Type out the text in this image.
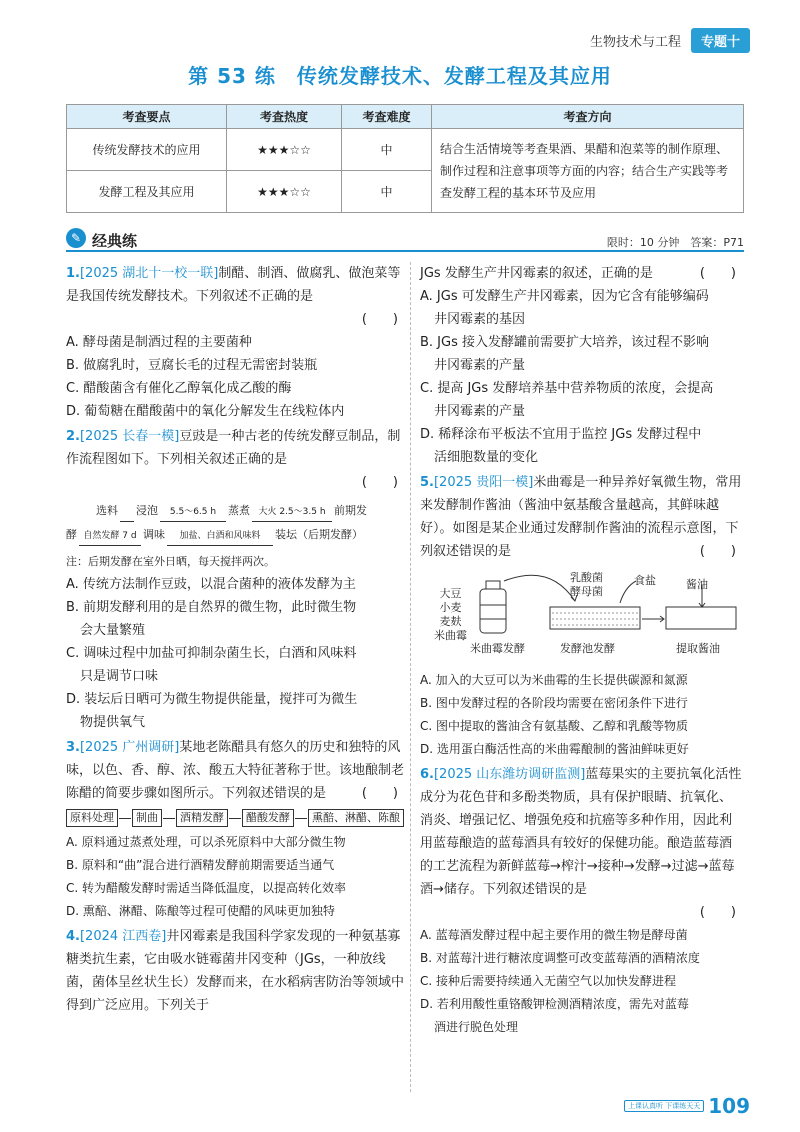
生物技术与工程	专题十
第 53 练　传统发酵技术、发酵工程及其应用
考查要点	考查热度	考查难度	考查方向
传统发酵技术的应用	★★★☆☆	中	结合生活情境等考查果酒、果醋和泡菜等的制作原理、制作过程和注意事项等方面的内容；结合生产实践等考查发酵工程的基本环节及应用
发酵工程及其应用	★★★☆☆	中	
✎ 经典练	限时：10 分钟　答案：P71
1.[2025 湖北十一校一联]制醋、制酒、做腐乳、做泡菜等是我国传统发酵技术。下列叙述不正确的是
(　　)
A. 酵母菌是制酒过程的主要菌种
B. 做腐乳时，豆腐长毛的过程无需密封装瓶
C. 醋酸菌含有催化乙醇氧化成乙酸的酶
D. 葡萄糖在醋酸菌中的氧化分解发生在线粒体内
2.[2025 长春一模]豆豉是一种古老的传统发酵豆制品，制作流程图如下。下列相关叙述正确的是
(　　)
选料 浸泡 5.5～6.5 h 蒸煮 大火 2.5～3.5 h 前期发
酵 自然发酵 7 d 调味 加盐、白酒和风味料 装坛（后期发酵）
注：后期发酵在室外日晒，每天搅拌两次。
A. 传统方法制作豆豉，以混合菌种的液体发酵为主
B. 前期发酵利用的是自然界的微生物，此时微生物
会大量繁殖
C. 调味过程中加盐可抑制杂菌生长，白酒和风味料
只是调节口味
D. 装坛后日晒可为微生物提供能量，搅拌可为微生
物提供氧气
3.[2025 广州调研]某地老陈醋具有悠久的历史和独特的风味，以色、香、醇、浓、酸五大特征著称于世。该地酿制老陈醋的简要步骤如图所示。下列叙述错误的是	(　　)
原料处理	制曲	酒精发酵	醋酸发酵	熏醅、淋醋、陈酿
A. 原料通过蒸煮处理，可以杀死原料中大部分微生物
B. 原料和“曲”混合进行酒精发酵前期需要适当通气
C. 转为醋酸发酵时需适当降低温度，以提高转化效率
D. 熏醅、淋醋、陈酿等过程可使醋的风味更加独特
4.[2024 江西卷]井冈霉素是我国科学家发现的一种氨基寡糖类抗生素，它由吸水链霉菌井冈变种（JGs，一种放线菌，菌体呈丝状生长）发酵而来，在水稻病害防治等领域中得到广泛应用。下列关于
JGs 发酵生产井冈霉素的叙述，正确的是	(　　)
A. JGs 可发酵生产井冈霉素，因为它含有能够编码
井冈霉素的基因
B. JGs 接入发酵罐前需要扩大培养，该过程不影响
井冈霉素的产量
C. 提高 JGs 发酵培养基中营养物质的浓度，会提高
井冈霉素的产量
D. 稀释涂布平板法不宜用于监控 JGs 发酵过程中
活细胞数量的变化
5.[2025 贵阳一模]米曲霉是一种异养好氧微生物，常用来发酵制作酱油（酱油中氨基酸含量越高，其鲜味越好）。如图是某企业通过发酵制作酱油的流程示意图，下列叙述错误的是	(　　)
大豆
小麦
麦麸
米曲霉
乳酸菌
酵母菌
食盐	酱油
米曲霉发酵	发酵池发酵	提取酱油
A. 加入的大豆可以为米曲霉的生长提供碳源和氮源
B. 图中发酵过程的各阶段均需要在密闭条件下进行
C. 图中提取的酱油含有氨基酸、乙醇和乳酸等物质
D. 选用蛋白酶活性高的米曲霉酿制的酱油鲜味更好
6.[2025 山东潍坊调研监测]蓝莓果实的主要抗氧化活性成分为花色苷和多酚类物质，具有保护眼睛、抗氧化、消炎、增强记忆、增强免疫和抗癌等多种作用，因此利用蓝莓酿造的蓝莓酒具有较好的保健功能。酿造蓝莓酒的工艺流程为新鲜蓝莓→榨汁→接种→发酵→过滤→蓝莓酒→储存。下列叙述错误的是
(　　)
A. 蓝莓酒发酵过程中起主要作用的微生物是酵母菌
B. 对蓝莓汁进行糖浓度调整可改变蓝莓酒的酒精浓度
C. 接种后需要持续通入无菌空气以加快发酵进程
D. 若利用酸性重铬酸钾检测酒精浓度，需先对蓝莓
酒进行脱色处理
上课认真听 下课练天天 109
